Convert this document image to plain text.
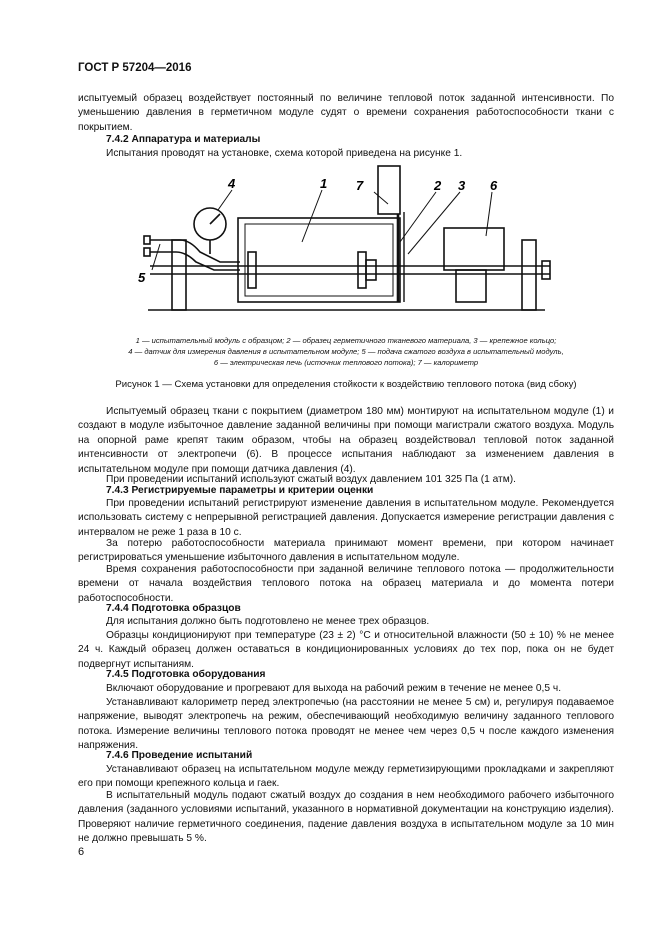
ГОСТ Р 57204—2016

испытуемый образец воздействует постоянный по величине тепловой поток заданной интенсивности. По уменьшению давления в герметичном модуле судят о времени сохранения работоспособности ткани с покрытием.

7.4.2 Аппаратура и материалы

Испытания проводят на установке, схема которой приведена на рисунке 1.

4	1 7	2 3 6
5
1 — испытательный модуль с образцом; 2 — образец герметичного тканевого материала, 3 — крепежное кольцо;
4 — датчик для измерения давления в испытательном модуле; 5 — подача сжатого воздуха в испытательный модуль,
6 — электрическая печь (источник теплового потока); 7 — калориметр
Рисунок 1 — Схема установки для определения стойкости к воздействию теплового потока (вид сбоку)

Испытуемый образец ткани с покрытием (диаметром 180 мм) монтируют на испытательном модуле (1) и создают в модуле избыточное давление заданной величины при помощи магистрали сжатого воздуха. Модуль на опорной раме крепят таким образом, чтобы на образец воздействовал тепловой поток заданной интенсивности от электропечи (6). В процессе испытания наблюдают за изменением давления в испытательном модуле при помощи датчика давления (4).

При проведении испытаний используют сжатый воздух давлением 101 325 Па (1 атм).

7.4.3 Регистрируемые параметры и критерии оценки

При проведении испытаний регистрируют изменение давления в испытательном модуле. Рекомендуется использовать систему с непрерывной регистрацией давления. Допускается измерение регистрации давления с интервалом не реже 1 раза в 10 с.

За потерю работоспособности материала принимают момент времени, при котором начинает регистрироваться уменьшение избыточного давления в испытательном модуле.

Время сохранения работоспособности при заданной величине теплового потока — продолжительности времени от начала воздействия теплового потока на образец материала и до момента потери работоспособности.

7.4.4 Подготовка образцов

Для испытания должно быть подготовлено не менее трех образцов.

Образцы кондиционируют при температуре (23 ± 2) °С и относительной влажности (50 ± 10) % не менее 24 ч. Каждый образец должен оставаться в кондиционированных условиях до тех пор, пока он не будет подвергнут испытаниям.

7.4.5 Подготовка оборудования

Включают оборудование и прогревают для выхода на рабочий режим в течение не менее 0,5 ч.

Устанавливают калориметр перед электропечью (на расстоянии не менее 5 см) и, регулируя подаваемое напряжение, выводят электропечь на режим, обеспечивающий необходимую величину заданного теплового потока. Измерение величины теплового потока проводят не менее чем через 0,5 ч после каждого изменения напряжения.

7.4.6 Проведение испытаний

Устанавливают образец на испытательном модуле между герметизирующими прокладками и закрепляют его при помощи крепежного кольца и гаек.

В испытательный модуль подают сжатый воздух до создания в нем необходимого рабочего избыточного давления (заданного условиями испытаний, указанного в нормативной документации на конструкцию изделия). Проверяют наличие герметичного соединения, падение давления воздуха в испытательном модуле за 10 мин не должно превышать 5 %.

6
